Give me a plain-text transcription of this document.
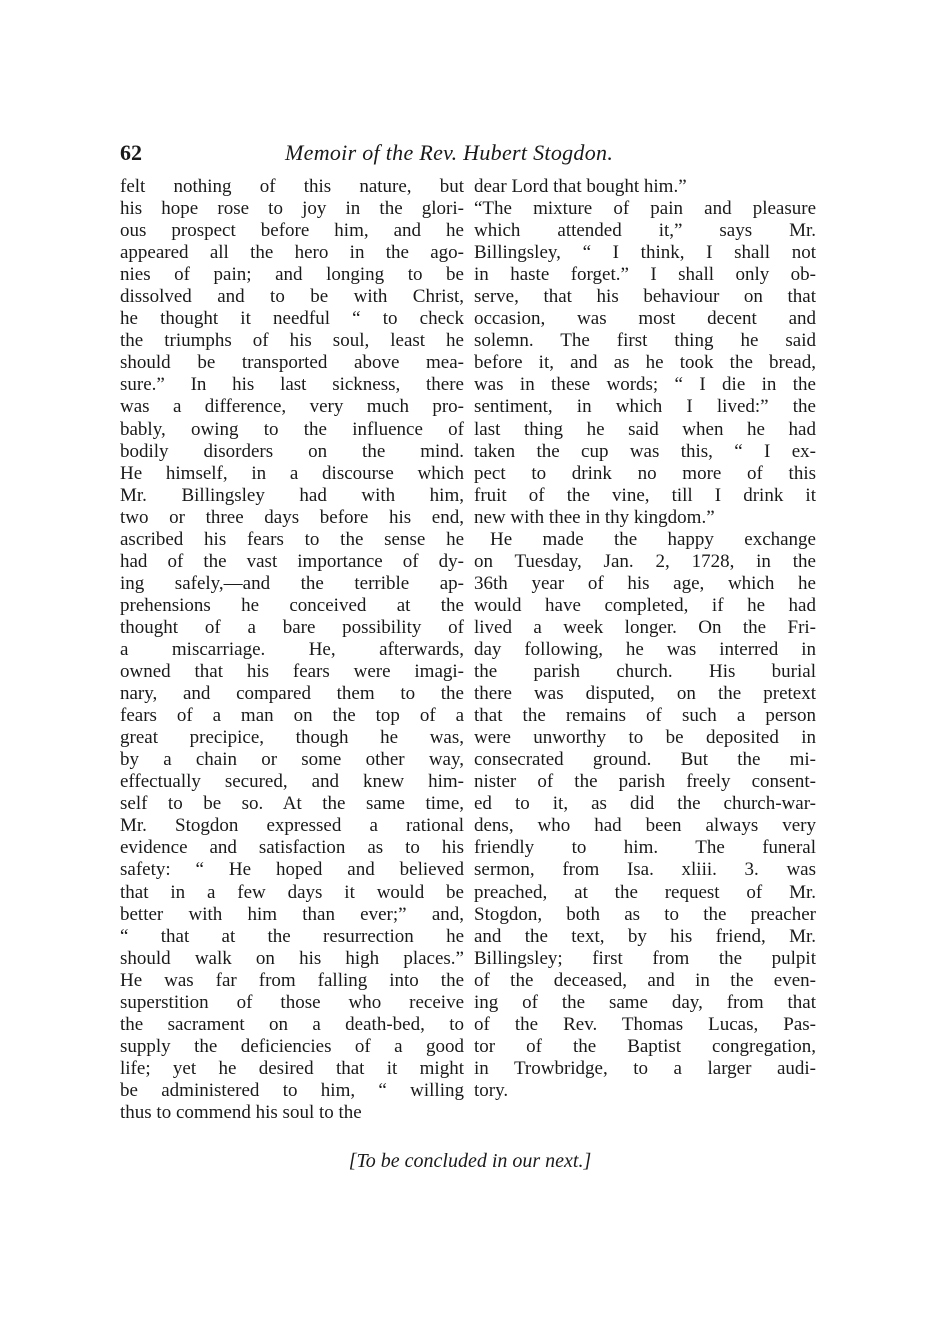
62	Memoir of the Rev. Hubert Stogdon.
felt nothing of this nature, but
his hope rose to joy in the glori-
ous prospect before him, and he
appeared all the hero in the ago-
nies of pain; and longing to be
dissolved and to be with Christ,
he thought it needful “ to check
the triumphs of his soul, least he
should be transported above mea-
sure.” In his last sickness, there
was a difference, very much pro-
bably, owing to the influence of
bodily disorders on the mind.
He himself, in a discourse which
Mr. Billingsley had with him,
two or three days before his end,
ascribed his fears to the sense he
had of the vast importance of dy-
ing safely,—and the terrible ap-
prehensions he conceived at the
thought of a bare possibility of
a miscarriage. He, afterwards,
owned that his fears were imagi-
nary, and compared them to the
fears of a man on the top of a
great precipice, though he was,
by a chain or some other way,
effectually secured, and knew him-
self to be so. At the same time,
Mr. Stogdon expressed a rational
evidence and satisfaction as to his
safety: “ He hoped and believed
that in a few days it would be
better with him than ever;” and,
“ that at the resurrection he
should walk on his high places.”
He was far from falling into the
superstition of those who receive
the sacrament on a death-bed, to
supply the deficiencies of a good
life; yet he desired that it might
be administered to him, “ willing
thus to commend his soul to the
dear Lord that bought him.”
“The mixture of pain and pleasure
which attended it,” says Mr.
Billingsley, “ I think, I shall not
in haste forget.” I shall only ob-
serve, that his behaviour on that
occasion, was most decent and
solemn. The first thing he said
before it, and as he took the bread,
was in these words; “ I die in the
sentiment, in which I lived:” the
last thing he said when he had
taken the cup was this, “ I ex-
pect to drink no more of this
fruit of the vine, till I drink it
new with thee in thy kingdom.”
He made the happy exchange
on Tuesday, Jan. 2, 1728, in the
36th year of his age, which he
would have completed, if he had
lived a week longer. On the Fri-
day following, he was interred in
the parish church. His burial
there was disputed, on the pretext
that the remains of such a person
were unworthy to be deposited in
consecrated ground. But the mi-
nister of the parish freely consent-
ed to it, as did the church-war-
dens, who had been always very
friendly to him. The funeral
sermon, from Isa. xliii. 3. was
preached, at the request of Mr.
Stogdon, both as to the preacher
and the text, by his friend, Mr.
Billingsley; first from the pulpit
of the deceased, and in the even-
ing of the same day, from that
of the Rev. Thomas Lucas, Pas-
tor of the Baptist congregation,
in Trowbridge, to a larger audi-
tory.
[To be concluded in our next.]
